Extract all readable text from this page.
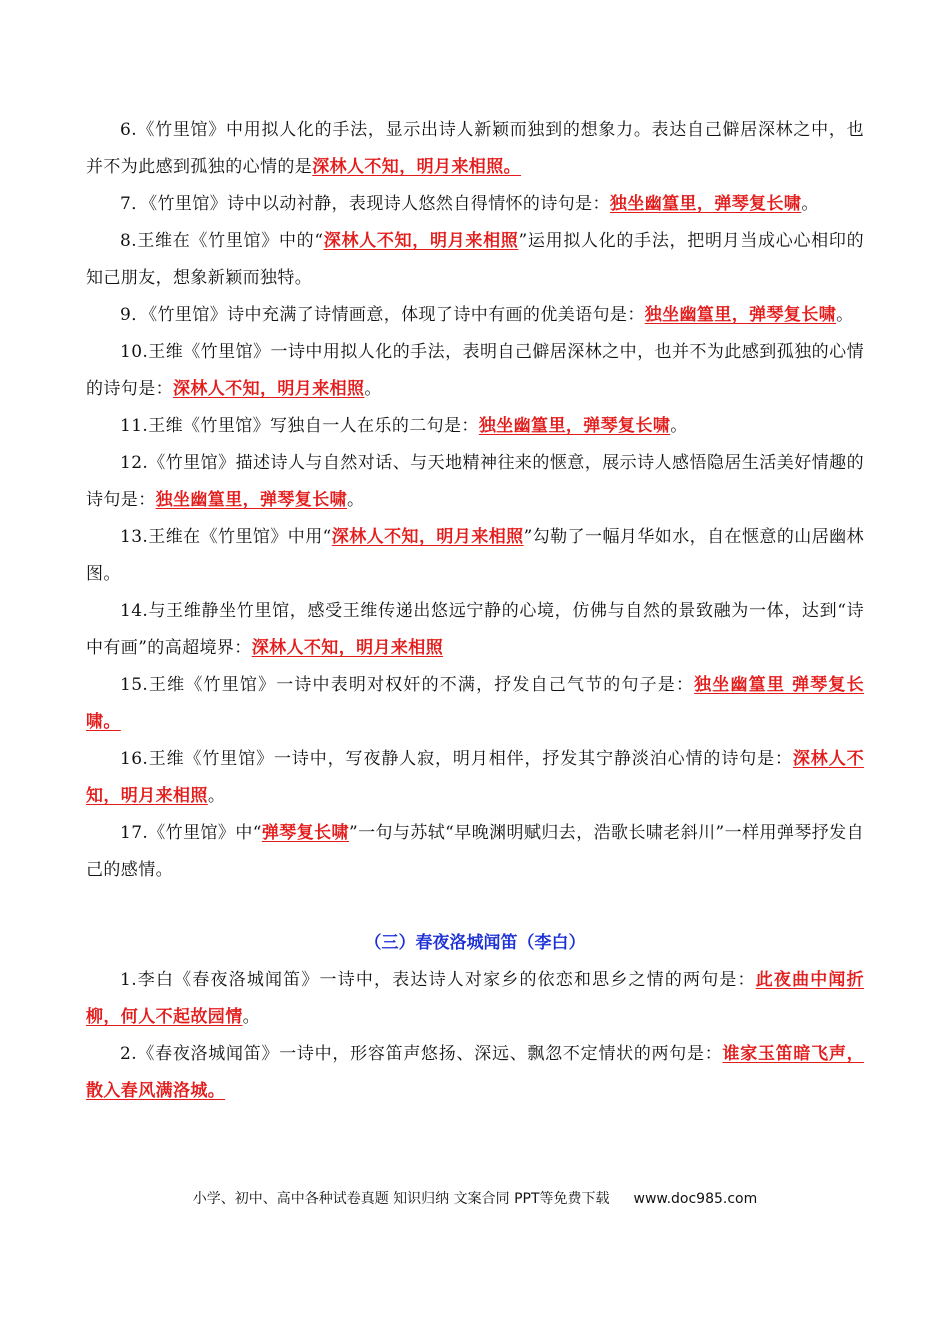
6.《竹里馆》中用拟人化的手法，显示出诗人新颖而独到的想象力。表达自己僻居深林之中，也并不为此感到孤独的心情的是深林人不知，明月来相照。

7．《竹里馆》诗中以动衬静，表现诗人悠然自得情怀的诗句是：独坐幽篁里，弹琴复长啸。

8.王维在《竹里馆》中的“深林人不知，明月来相照”运用拟人化的手法，把明月当成心心相印的知己朋友，想象新颖而独特。

9．《竹里馆》诗中充满了诗情画意，体现了诗中有画的优美语句是：独坐幽篁里，弹琴复长啸。

10.王维《竹里馆》一诗中用拟人化的手法，表明自己僻居深林之中，也并不为此感到孤独的心情的诗句是：深林人不知，明月来相照。

11.王维《竹里馆》写独自一人在乐的二句是：独坐幽篁里，弹琴复长啸。

12.《竹里馆》描述诗人与自然对话、与天地精神往来的惬意，展示诗人感悟隐居生活美好情趣的诗句是：独坐幽篁里，弹琴复长啸。

13.王维在《竹里馆》中用“深林人不知，明月来相照”勾勒了一幅月华如水，自在惬意的山居幽林图。

14.与王维静坐竹里馆，感受王维传递出悠远宁静的心境，仿佛与自然的景致融为一体，达到“诗中有画”的高超境界：深林人不知，明月来相照

15.王维《竹里馆》一诗中表明对权奸的不满，抒发自己气节的句子是：独坐幽篁里 弹琴复长啸。

16.王维《竹里馆》一诗中，写夜静人寂，明月相伴，抒发其宁静淡泊心情的诗句是：深林人不知，明月来相照。

17.《竹里馆》中“弹琴复长啸”一句与苏轼“早晚渊明赋归去，浩歌长啸老斜川”一样用弹琴抒发自己的感情。

（三）春夜洛城闻笛（李白）

1.李白《春夜洛城闻笛》一诗中，表达诗人对家乡的依恋和思乡之情的两句是：此夜曲中闻折柳，何人不起故园情。

2.《春夜洛城闻笛》一诗中，形容笛声悠扬、深远、飘忽不定情状的两句是：谁家玉笛暗飞声，散入春风满洛城。

小学、初中、高中各种试卷真题 知识归纳 文案合同 PPT等免费下载 www.doc985.com
